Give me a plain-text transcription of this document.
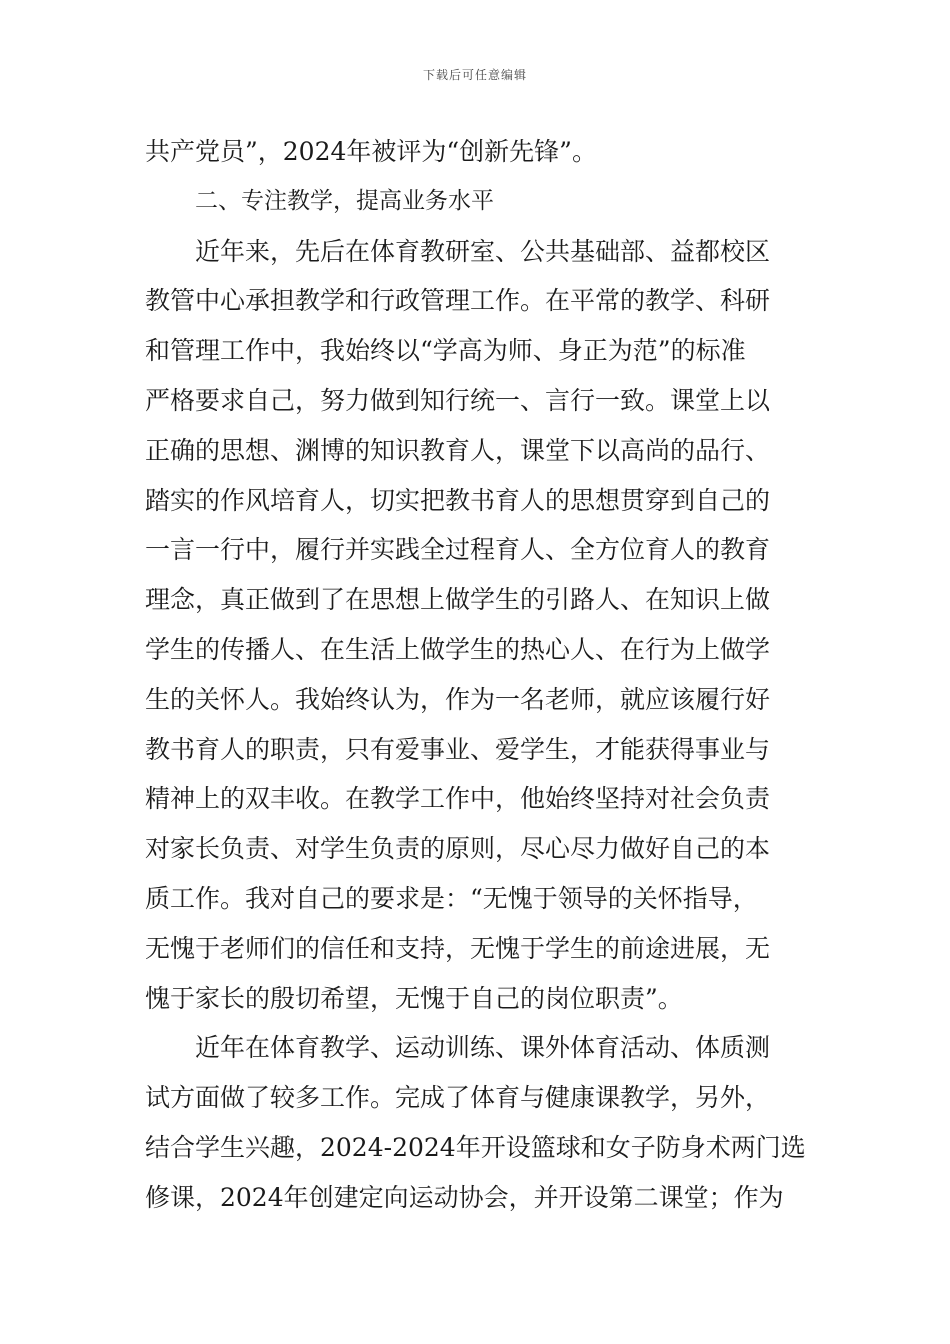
下载后可任意编辑
共产党员”，2024年被评为“创新先锋”。
二、专注教学，提高业务水平
近年来，先后在体育教研室、公共基础部、益都校区
教管中心承担教学和行政管理工作。在平常的教学、科研
和管理工作中，我始终以“学高为师、身正为范”的标准
严格要求自己，努力做到知行统一、言行一致。课堂上以
正确的思想、渊博的知识教育人，课堂下以高尚的品行、
踏实的作风培育人，切实把教书育人的思想贯穿到自己的
一言一行中，履行并实践全过程育人、全方位育人的教育
理念，真正做到了在思想上做学生的引路人、在知识上做
学生的传播人、在生活上做学生的热心人、在行为上做学
生的关怀人。我始终认为，作为一名老师，就应该履行好
教书育人的职责，只有爱事业、爱学生，才能获得事业与
精神上的双丰收。在教学工作中，他始终坚持对社会负责
对家长负责、对学生负责的原则，尽心尽力做好自己的本
质工作。我对自己的要求是：“无愧于领导的关怀指导，
无愧于老师们的信任和支持，无愧于学生的前途进展，无
愧于家长的殷切希望，无愧于自己的岗位职责”。
近年在体育教学、运动训练、课外体育活动、体质测
试方面做了较多工作。完成了体育与健康课教学，另外，
结合学生兴趣，2024-2024年开设篮球和女子防身术两门选
修课，2024年创建定向运动协会，并开设第二课堂；作为
